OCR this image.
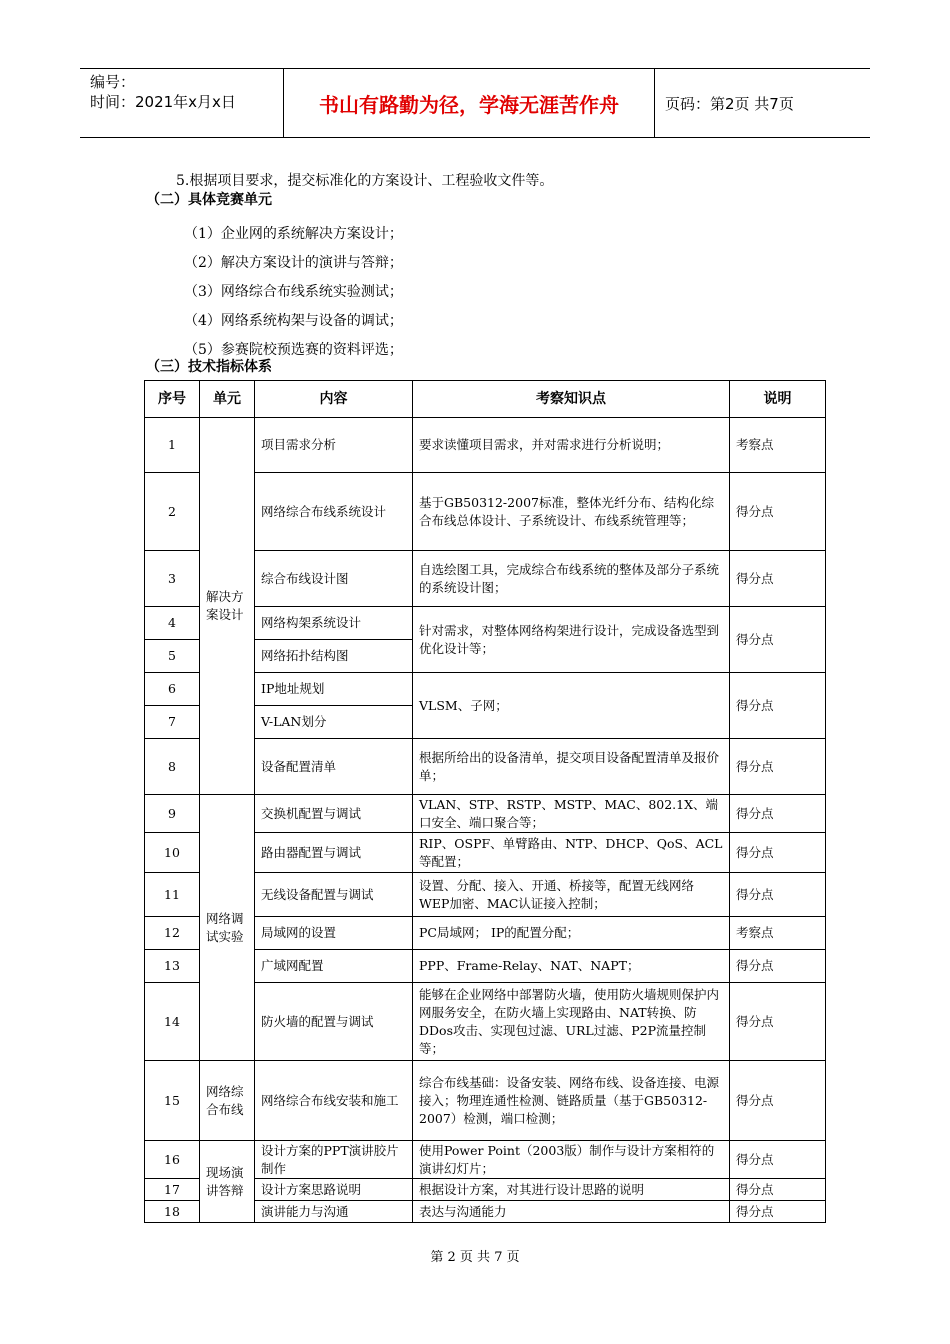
编号：
时间：2021年x月x日	书山有路勤为径，学海无涯苦作舟	页码：第2页 共7页
5.根据项目要求，提交标准化的方案设计、工程验收文件等。
（二）具体竞赛单元
（1）企业网的系统解决方案设计；
（2）解决方案设计的演讲与答辩；
（3）网络综合布线系统实验测试；
（4）网络系统构架与设备的调试；
（5）参赛院校预选赛的资料评选；
（三）技术指标体系
序号	单元	内容	考察知识点	说明
1	解决方案设计	项目需求分析	要求读懂项目需求，并对需求进行分析说明；	考察点
2		网络综合布线系统设计	基于GB50312-2007标准，整体光纤分布、结构化综合布线总体设计、子系统设计、布线系统管理等；	得分点
3		综合布线设计图	自选绘图工具，完成综合布线系统的整体及部分子系统的系统设计图；	得分点
4		网络构架系统设计	针对需求，对整体网络构架进行设计，完成设备选型到优化设计等；	得分点
5		网络拓扑结构图		
6		IP地址规划	VLSM、子网；	得分点
7		V-LAN划分		
8		设备配置清单	根据所给出的设备清单，提交项目设备配置清单及报价单；	得分点
9	网络调试实验	交换机配置与调试	VLAN、STP、RSTP、MSTP、MAC、802.1X、端口安全、端口聚合等；	得分点
10		路由器配置与调试	RIP、OSPF、单臂路由、NTP、DHCP、QoS、ACL等配置；	得分点
11		无线设备配置与调试	设置、分配、接入、开通、桥接等，配置无线网络WEP加密、MAC认证接入控制；	得分点
12		局域网的设置	PC局域网； IP的配置分配；	考察点
13		广域网配置	PPP、Frame-Relay、NAT、NAPT；	得分点
14		防火墙的配置与调试	能够在企业网络中部署防火墙，使用防火墙规则保护内网服务安全，在防火墙上实现路由、NAT转换、防DDos攻击、实现包过滤、URL过滤、P2P流量控制等；	得分点
15	网络综合布线	网络综合布线安装和施工	综合布线基础：设备安装、网络布线、设备连接、电源接入；物理连通性检测、链路质量（基于GB50312-2007）检测，端口检测；	得分点
16	现场演讲答辩	设计方案的PPT演讲胶片制作	使用Power Point（2003版）制作与设计方案相符的演讲幻灯片；	得分点
17		设计方案思路说明	根据设计方案，对其进行设计思路的说明	得分点
18		演讲能力与沟通	表达与沟通能力	得分点
第 2 页 共 7 页
